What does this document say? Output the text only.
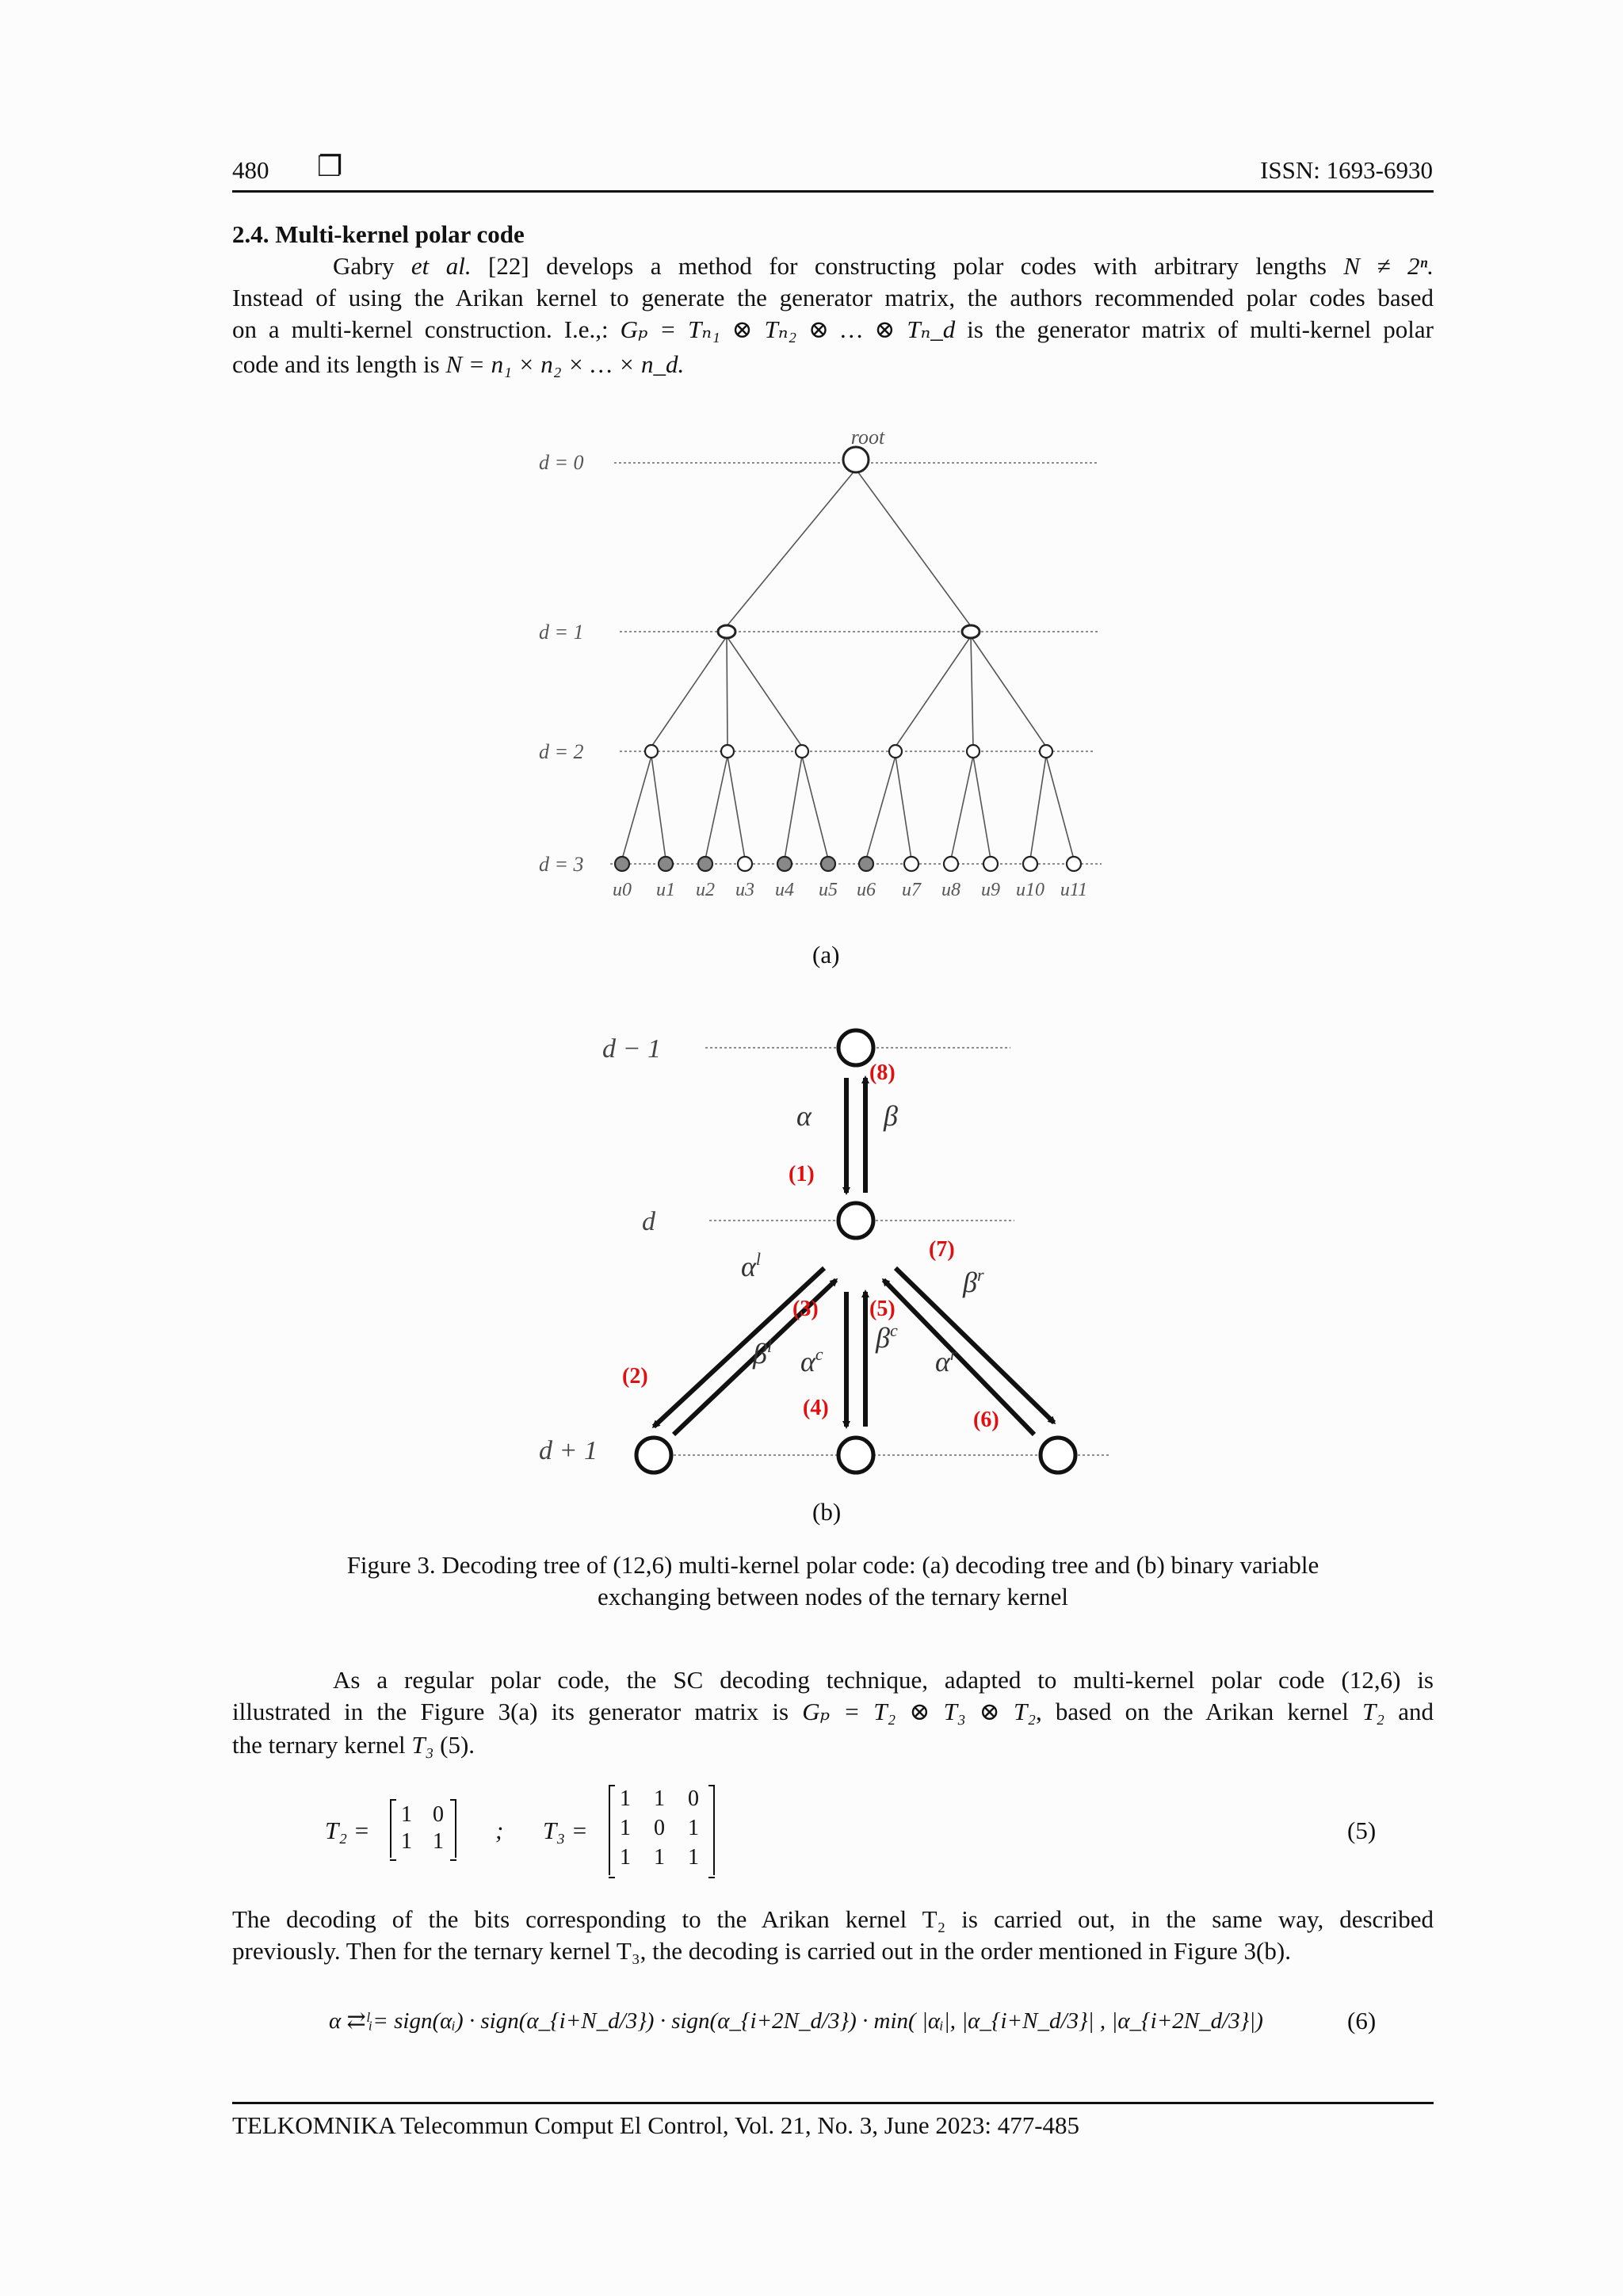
480 ❐	ISSN: 1693-6930
2.4. Multi-kernel polar code
Gabry et al. [22] develops a method for constructing polar codes with arbitrary lengths N ≠ 2ⁿ.
Instead of using the Arikan kernel to generate the generator matrix, the authors recommended polar codes based
on a multi-kernel construction. I.e.,: Gₚ = Tₙ₁ ⊗ Tₙ₂ ⊗ … ⊗ Tₙ_d is the generator matrix of multi-kernel polar
code and its length is N = n₁ × n₂ × … × n_d.
root
d = 0
d = 1
d = 2
d = 3
u0 u1 u2 u3 u4 u5 u6 u7 u8 u9 u10 u11
(a)
d − 1
d
α	β
$\alpha^l$
$\beta^l$ $\alpha^c$
$\beta^c$
$\alpha^r$
$\beta^r$
(1)
(2)
(3)
(4)
(5)
(6)
(7)
(8)
d + 1
(b)
Figure 3. Decoding tree of (12,6) multi-kernel polar code: (a) decoding tree and (b) binary variable
exchanging between nodes of the ternary kernel
As a regular polar code, the SC decoding technique, adapted to multi-kernel polar code (12,6) is
illustrated in the Figure 3(a) its generator matrix is Gₚ = T₂ ⊗ T₃ ⊗ T₂, based on the Arikan kernel T₂ and
the ternary kernel T₃ (5).
T₂ =
1 0
1 1 ; T₃ =
1 1 0
1 0 1
1 1 1
(5)
The decoding of the bits corresponding to the Arikan kernel T₂ is carried out, in the same way, described
previously. Then for the ternary kernel T₃, the decoding is carried out in the order mentioned in Figure 3(b).
α ⇄ˡᵢ= sign(αᵢ) · sign(α_{i+N_d/3}) · sign(α_{i+2N_d/3}) · min( |αᵢ|, |α_{i+N_d/3}| , |α_{i+2N_d/3}|)	(6)
TELKOMNIKA Telecommun Comput El Control, Vol. 21, No. 3, June 2023: 477-485
